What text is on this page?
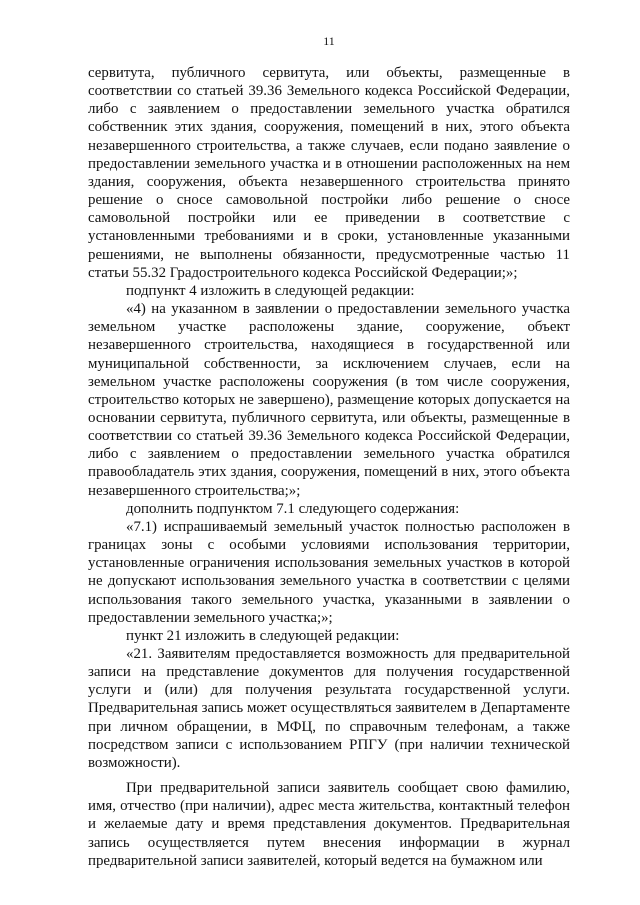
11

сервитута, публичного сервитута, или объекты, размещенные в соответствии со статьей 39.36 Земельного кодекса Российской Федерации, либо с заявлением о предоставлении земельного участка обратился собственник этих здания, сооружения, помещений в них, этого объекта незавершенного строительства, а также случаев, если подано заявление о предоставлении земельного участка и в отношении расположенных на нем здания, сооружения, объекта незавершенного строительства принято решение о сносе самовольной постройки либо решение о сносе самовольной постройки или ее приведении в соответствие с установленными требованиями и в сроки, установленные указанными решениями, не выполнены обязанности, предусмотренные частью 11 статьи 55.32 Градостроительного кодекса Российской Федерации;»;

подпункт 4 изложить в следующей редакции:

«4) на указанном в заявлении о предоставлении земельного участка земельном участке расположены здание, сооружение, объект незавершенного строительства, находящиеся в государственной или муниципальной собственности, за исключением случаев, если на земельном участке расположены сооружения (в том числе сооружения, строительство которых не завершено), размещение которых допускается на основании сервитута, публичного сервитута, или объекты, размещенные в соответствии со статьей 39.36 Земельного кодекса Российской Федерации, либо с заявлением о предоставлении земельного участка обратился правообладатель этих здания, сооружения, помещений в них, этого объекта незавершенного строительства;»;

дополнить подпунктом 7.1 следующего содержания:

«7.1) испрашиваемый земельный участок полностью расположен в границах зоны с особыми условиями использования территории, установленные ограничения использования земельных участков в которой не допускают использования земельного участка в соответствии с целями использования такого земельного участка, указанными в заявлении о предоставлении земельного участка;»;

пункт 21 изложить в следующей редакции:

«21. Заявителям предоставляется возможность для предварительной записи на представление документов для получения государственной услуги и (или) для получения результата государственной услуги. Предварительная запись может осуществляться заявителем в Департаменте при личном обращении, в МФЦ, по справочным телефонам, а также посредством записи с использованием РПГУ (при наличии технической возможности).

При предварительной записи заявитель сообщает свою фамилию, имя, отчество (при наличии), адрес места жительства, контактный телефон и желаемые дату и время представления документов. Предварительная запись осуществляется путем внесения информации в журнал предварительной записи заявителей, который ведется на бумажном или
